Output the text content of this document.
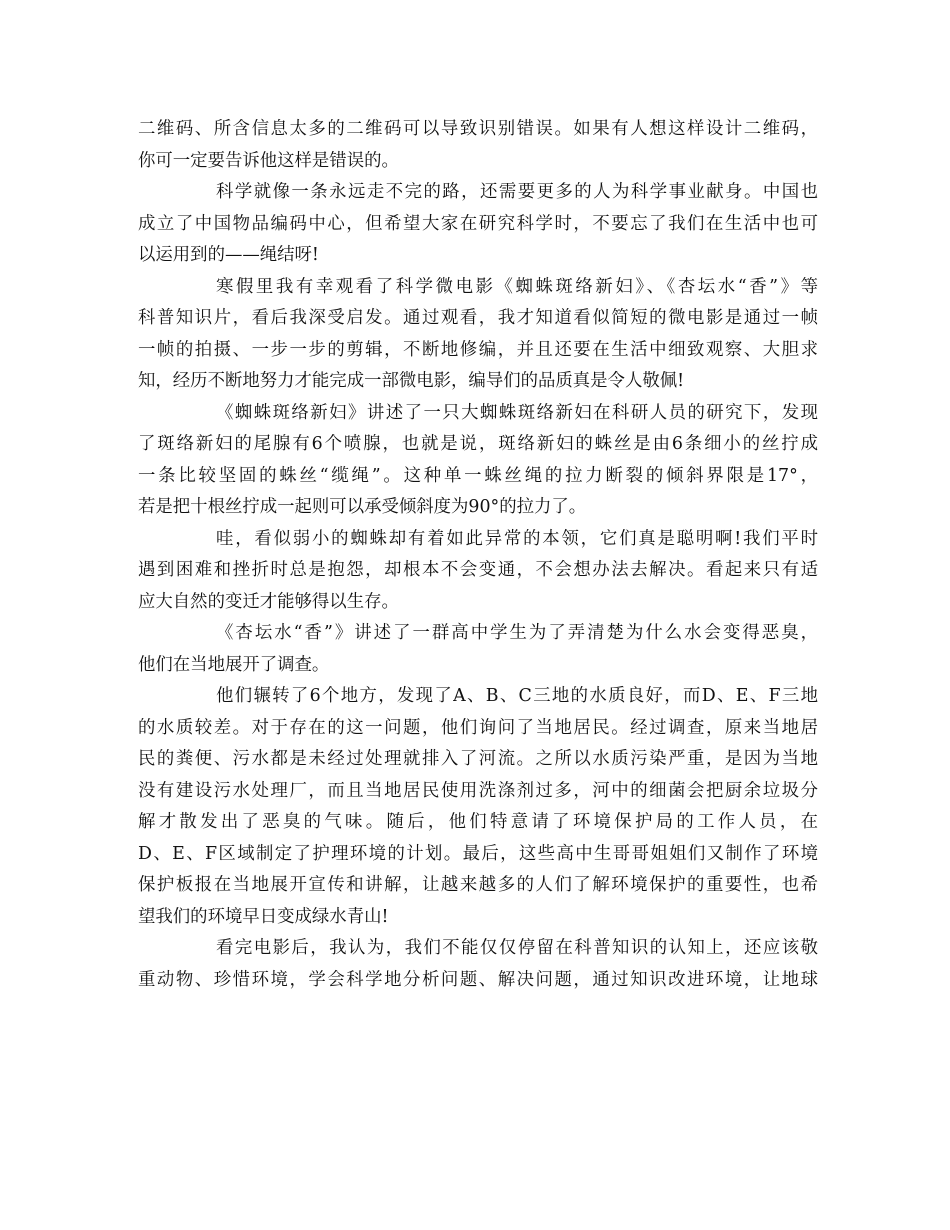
二维码、所含信息太多的二维码可以导致识别错误。如果有人想这样设计二维码，
你可一定要告诉他这样是错误的。
科学就像一条永远走不完的路，还需要更多的人为科学事业献身。中国也
成立了中国物品编码中心，但希望大家在研究科学时，不要忘了我们在生活中也可
以运用到的——绳结呀!
寒假里我有幸观看了科学微电影《蜘蛛斑络新妇》、《杏坛水“香”》等
科普知识片，看后我深受启发。通过观看，我才知道看似简短的微电影是通过一帧
一帧的拍摄、一步一步的剪辑，不断地修编，并且还要在生活中细致观察、大胆求
知，经历不断地努力才能完成一部微电影，编导们的品质真是令人敬佩!
《蜘蛛斑络新妇》讲述了一只大蜘蛛斑络新妇在科研人员的研究下，发现
了斑络新妇的尾腺有6个喷腺，也就是说，斑络新妇的蛛丝是由6条细小的丝拧成
一条比较坚固的蛛丝“缆绳”。这种单一蛛丝绳的拉力断裂的倾斜界限是17°，
若是把十根丝拧成一起则可以承受倾斜度为90°的拉力了。
哇，看似弱小的蜘蛛却有着如此异常的本领，它们真是聪明啊!我们平时
遇到困难和挫折时总是抱怨，却根本不会变通，不会想办法去解决。看起来只有适
应大自然的变迁才能够得以生存。
《杏坛水“香”》讲述了一群高中学生为了弄清楚为什么水会变得恶臭，
他们在当地展开了调查。
他们辗转了6个地方，发现了A、B、C三地的水质良好，而D、E、F三地
的水质较差。对于存在的这一问题，他们询问了当地居民。经过调查，原来当地居
民的粪便、污水都是未经过处理就排入了河流。之所以水质污染严重，是因为当地
没有建设污水处理厂，而且当地居民使用洗涤剂过多，河中的细菌会把厨余垃圾分
解才散发出了恶臭的气味。随后，他们特意请了环境保护局的工作人员，在
D、E、F区域制定了护理环境的计划。最后，这些高中生哥哥姐姐们又制作了环境
保护板报在当地展开宣传和讲解，让越来越多的人们了解环境保护的重要性，也希
望我们的环境早日变成绿水青山!
看完电影后，我认为，我们不能仅仅停留在科普知识的认知上，还应该敬
重动物、珍惜环境，学会科学地分析问题、解决问题，通过知识改进环境，让地球
